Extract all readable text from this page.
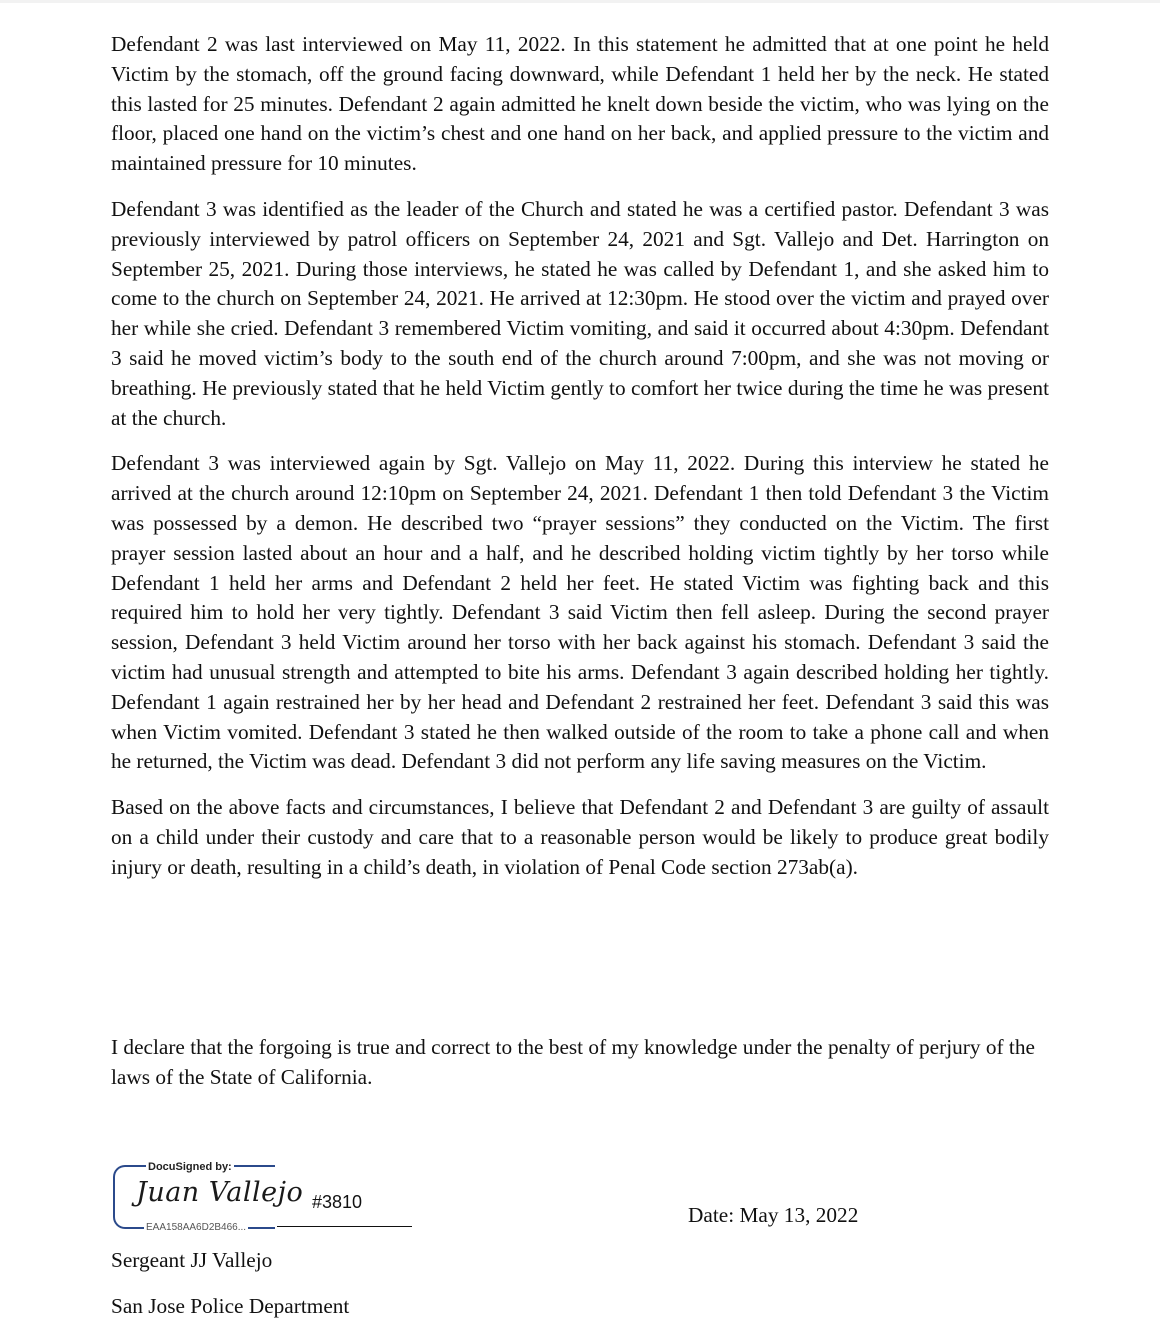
Defendant 2 was last interviewed on May 11, 2022. In this statement he admitted that at one point he held Victim by the stomach, off the ground facing downward, while Defendant 1 held her by the neck. He stated this lasted for 25 minutes. Defendant 2 again admitted he knelt down beside the victim, who was lying on the floor, placed one hand on the victim’s chest and one hand on her back, and applied pressure to the victim and maintained pressure for 10 minutes.

Defendant 3 was identified as the leader of the Church and stated he was a certified pastor. Defendant 3 was previously interviewed by patrol officers on September 24, 2021 and Sgt. Vallejo and Det. Harrington on September 25, 2021. During those interviews, he stated he was called by Defendant 1, and she asked him to come to the church on September 24, 2021. He arrived at 12:30pm. He stood over the victim and prayed over her while she cried. Defendant 3 remembered Victim vomiting, and said it occurred about 4:30pm. Defendant 3 said he moved victim’s body to the south end of the church around 7:00pm, and she was not moving or breathing. He previously stated that he held Victim gently to comfort her twice during the time he was present at the church.

Defendant 3 was interviewed again by Sgt. Vallejo on May 11, 2022. During this interview he stated he arrived at the church around 12:10pm on September 24, 2021. Defendant 1 then told Defendant 3 the Victim was possessed by a demon. He described two “prayer sessions” they conducted on the Victim. The first prayer session lasted about an hour and a half, and he described holding victim tightly by her torso while Defendant 1 held her arms and Defendant 2 held her feet. He stated Victim was fighting back and this required him to hold her very tightly. Defendant 3 said Victim then fell asleep. During the second prayer session, Defendant 3 held Victim around her torso with her back against his stomach. Defendant 3 said the victim had unusual strength and attempted to bite his arms. Defendant 3 again described holding her tightly. Defendant 1 again restrained her by her head and Defendant 2 restrained her feet. Defendant 3 said this was when Victim vomited. Defendant 3 stated he then walked outside of the room to take a phone call and when he returned, the Victim was dead. Defendant 3 did not perform any life saving measures on the Victim.

Based on the above facts and circumstances, I believe that Defendant 2 and Defendant 3 are guilty of assault on a child under their custody and care that to a reasonable person would be likely to produce great bodily injury or death, resulting in a child’s death, in violation of Penal Code section 273ab(a).

I declare that the forgoing is true and correct to the best of my knowledge under the penalty of perjury of the laws of the State of California.

DocuSigned by:
Juan Vallejo
EAA158AA6D2B466...
#3810
Date: May 13, 2022
Sergeant JJ Vallejo
San Jose Police Department
